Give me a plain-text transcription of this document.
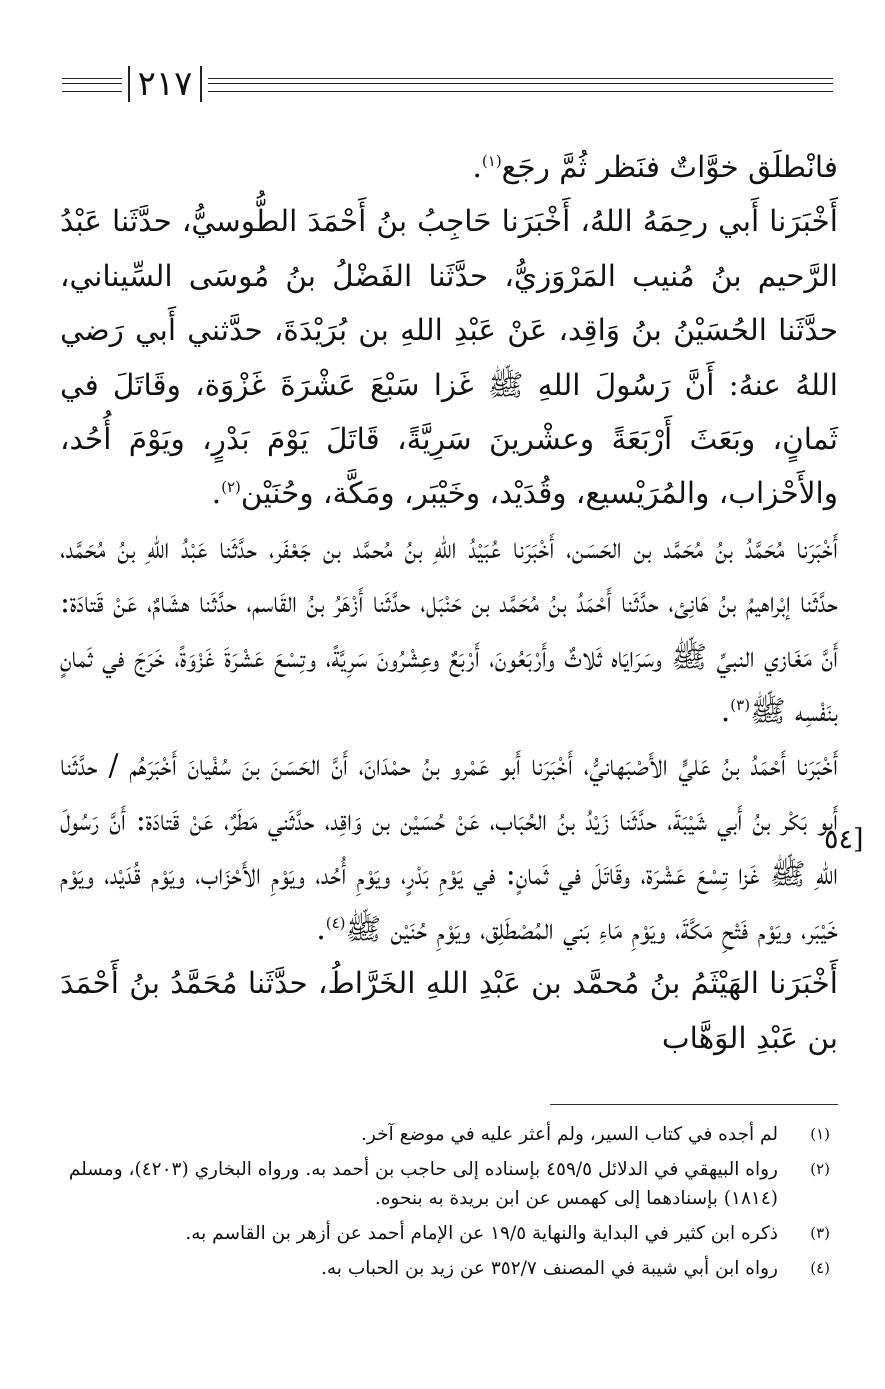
٢١٧

فانْطلَق خوَّاتٌ فنَظر ثُمَّ رجَع$^{(١)}$.

أَخْبَرَنا أَبي رحِمَهُ اللهُ، أَخْبَرَنا حَاجِبُ بنُ أَحْمَدَ الطُّوسيُّ، حدَّثَنا عَبْدُ الرَّحيم بنُ مُنيب المَرْوَزيُّ، حدَّثَنا الفَضْلُ بنُ مُوسَى السِّيناني، حدَّثَنا الحُسَيْنُ بنُ وَاقِد، عَنْ عَبْدِ اللهِ بن بُرَيْدَةَ، حدَّثني أَبي رَضي اللهُ عنهُ: أَنَّ رَسُولَ اللهِ ﷺ غَزا سَبْعَ عَشْرَةَ غَزْوَة، وقَاتَلَ في ثَمانٍ، وبَعَثَ أَرْبَعَةً وعشْرينَ سَرِيَّةً، قَاتَلَ يَوْمَ بَدْرٍ، ويَوْمَ أُحُد، والأَحْزاب، والمُرَيْسيع، وقُدَيْد، وخَيْبَر، ومَكَّة، وحُنَيْن$^{(٢)}$.

أَخْبَرَنا مُحَمَّدُ بنُ مُحَمَّد بن الحَسَن، أَخْبَرَنا عُبَيْدُ اللهِ بنُ مُحمَّد بن جَعْفَر، حدَّثَنا عَبْدُ اللهِ بنُ مُحَمَّد، حدَّثَنا إبْراهيمُ بنُ هَانِئ، حدَّثَنا أَحْمَدُ بنُ مُحَمَّد بن حَنْبَل، حدَّثَنا أَزْهَرُ بنُ القَاسم، حدَّثَنا هشَامٌ، عَنْ قَتادَة: أَنَّ مَغَازي النبيِّ ﷺ وسَرَايَاه ثَلاثٌ وأَرْبَعُونَ، أَرْبَعٌ وعِشْرُونَ سَرِيَّةً، وتِسْعَ عَشْرَةَ غَزْوَةً، خَرَجَ في ثَمانٍ بنَفْسِه ﷺ$^{(٣)}$.

أَخْبَرَنا أَحْمَدُ بنُ عَليٍّ الأَصْبَهانيُّ، أَخْبَرَنا أَبو عَمْرو بنُ حمْدَانَ، أَنَّ الحَسَنَ بنَ سُفْيانَ أَخْبَرَهُم / حدَّثَنا أَبو بَكْر بنُ أَبي شَيْبَةَ، حدَّثَنا زَيْدُ بنُ الحُبَاب، عَنْ حُسَيْن بن وَاقِد، حدَّثَني مَطَرٌ، عَنْ قَتادَة: أَنَّ رَسُولَ اللهِ ﷺ غَزا تِسْعَ عَشْرَة، وقَاتَلَ في ثَمانٍ: في يَوْمِ بَدْرٍ، ويَوْمِ أُحُد، ويَوْمِ الأَحْزَاب، ويَوْم قُدَيْد، ويَوْم خَيْبَر، ويَوْم فَتْحِ مَكَّةَ، ويَوْمِ مَاءِ بَني المُصْطَلِق، ويَوْمِ حُنَيْن ﷺ$^{(٤)}$.

أَخْبَرَنا الهَيْثَمُ بنُ مُحمَّد بن عَبْدِ اللهِ الخَرَّاطُ، حدَّثَنا مُحَمَّدُ بنُ أَحْمَدَ بن عَبْدِ الوَهَّاب

٥٤]
(١)
لم أجده في كتاب السير، ولم أعثر عليه في موضع آخر.
(٢)
رواه البيهقي في الدلائل ٤٥٩/٥ بإسناده إلى حاجب بن أحمد به. ورواه البخاري (٤٢٠٣)، ومسلم (١٨١٤) بإسنادهما إلى كهمس عن ابن بريدة به بنحوه.
(٣)
ذكره ابن كثير في البداية والنهاية ١٩/٥ عن الإمام أحمد عن أزهر بن القاسم به.
(٤)
رواه ابن أبي شيبة في المصنف ٣٥٢/٧ عن زيد بن الحباب به.
